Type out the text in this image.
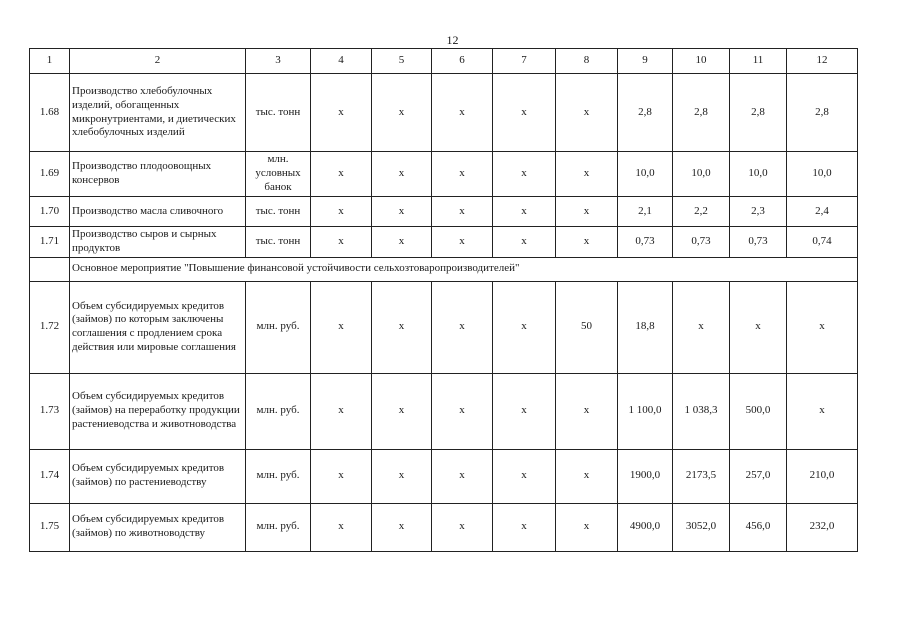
12
1	2	3	4	5	6	7	8	9	10	11	12
1.68	Производство хлебобулочных изделий, обогащенных микронутриентами, и диетических хлебобулочных изделий	тыс. тонн	х	х	х	х	х	2,8	2,8	2,8	2,8
1.69	Производство плодоовощных консервов	млн. условных банок	х	х	х	х	х	10,0	10,0	10,0	10,0
1.70	Производство масла сливочного	тыс. тонн	х	х	х	х	х	2,1	2,2	2,3	2,4
1.71	Производство сыров и сырных продуктов	тыс. тонн	х	х	х	х	х	0,73	0,73	0,73	0,74
	Основное мероприятие "Повышение финансовой устойчивости сельхозтоваропроизводителей"										
1.72	Объем субсидируемых кредитов (займов) по которым заключены соглашения с продлением срока действия или мировые соглашения	млн. руб.	х	х	х	х	50	18,8	х	х	х
1.73	Объем субсидируемых кредитов (займов) на переработку продукции растениеводства и животноводства	млн. руб.	х	х	х	х	х	1 100,0	1 038,3	500,0	х
1.74	Объем субсидируемых кредитов (займов) по растениеводству	млн. руб.	х	х	х	х	х	1900,0	2173,5	257,0	210,0
1.75	Объем субсидируемых кредитов (займов) по животноводству	млн. руб.	х	х	х	х	х	4900,0	3052,0	456,0	232,0
